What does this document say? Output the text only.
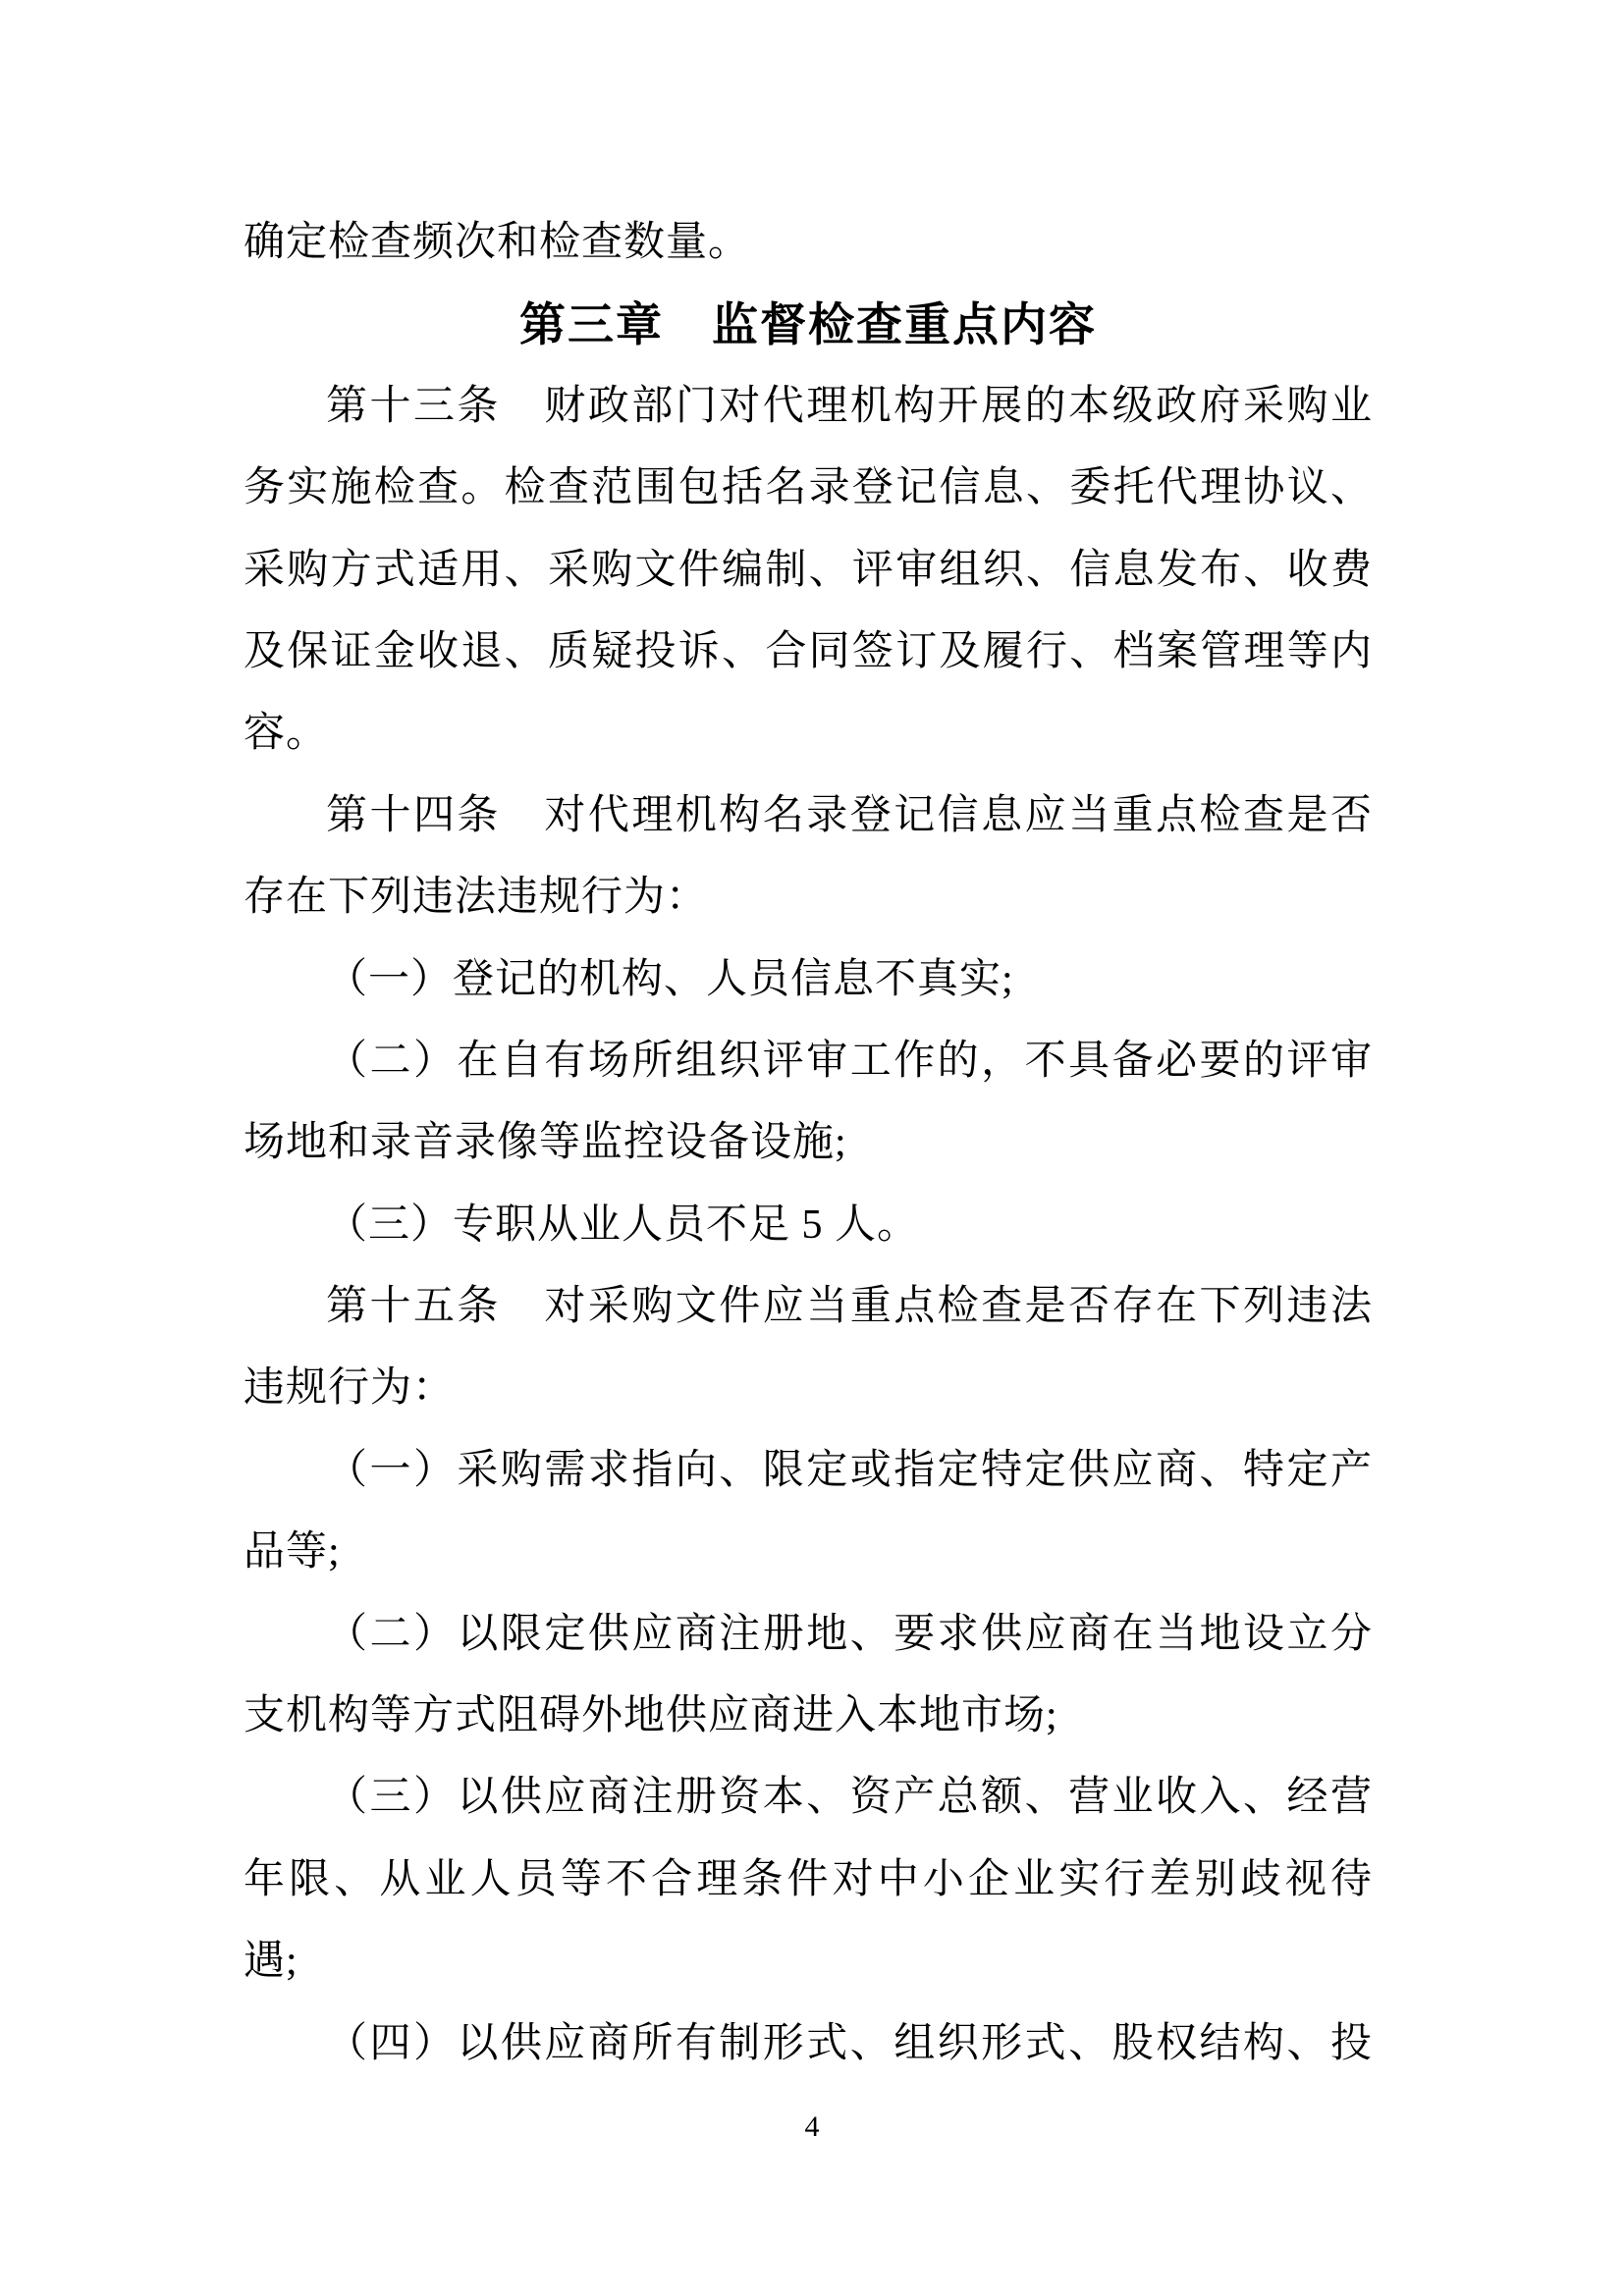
确定检查频次和检查数量。
第三章　监督检查重点内容
第十三条　财政部门对代理机构开展的本级政府采购业
务实施检查。检查范围包括名录登记信息、委托代理协议、
采购方式适用、采购文件编制、评审组织、信息发布、收费
及保证金收退、质疑投诉、合同签订及履行、档案管理等内
容。
第十四条　对代理机构名录登记信息应当重点检查是否
存在下列违法违规行为：
（一）登记的机构、人员信息不真实;
（二）在自有场所组织评审工作的，不具备必要的评审
场地和录音录像等监控设备设施;
（三）专职从业人员不足 5 人。
第十五条　对采购文件应当重点检查是否存在下列违法
违规行为：
（一）采购需求指向、限定或指定特定供应商、特定产
品等;
（二）以限定供应商注册地、要求供应商在当地设立分
支机构等方式阻碍外地供应商进入本地市场;
（三）以供应商注册资本、资产总额、营业收入、经营
年限、从业人员等不合理条件对中小企业实行差别歧视待
遇;
（四）以供应商所有制形式、组织形式、股权结构、投
4
